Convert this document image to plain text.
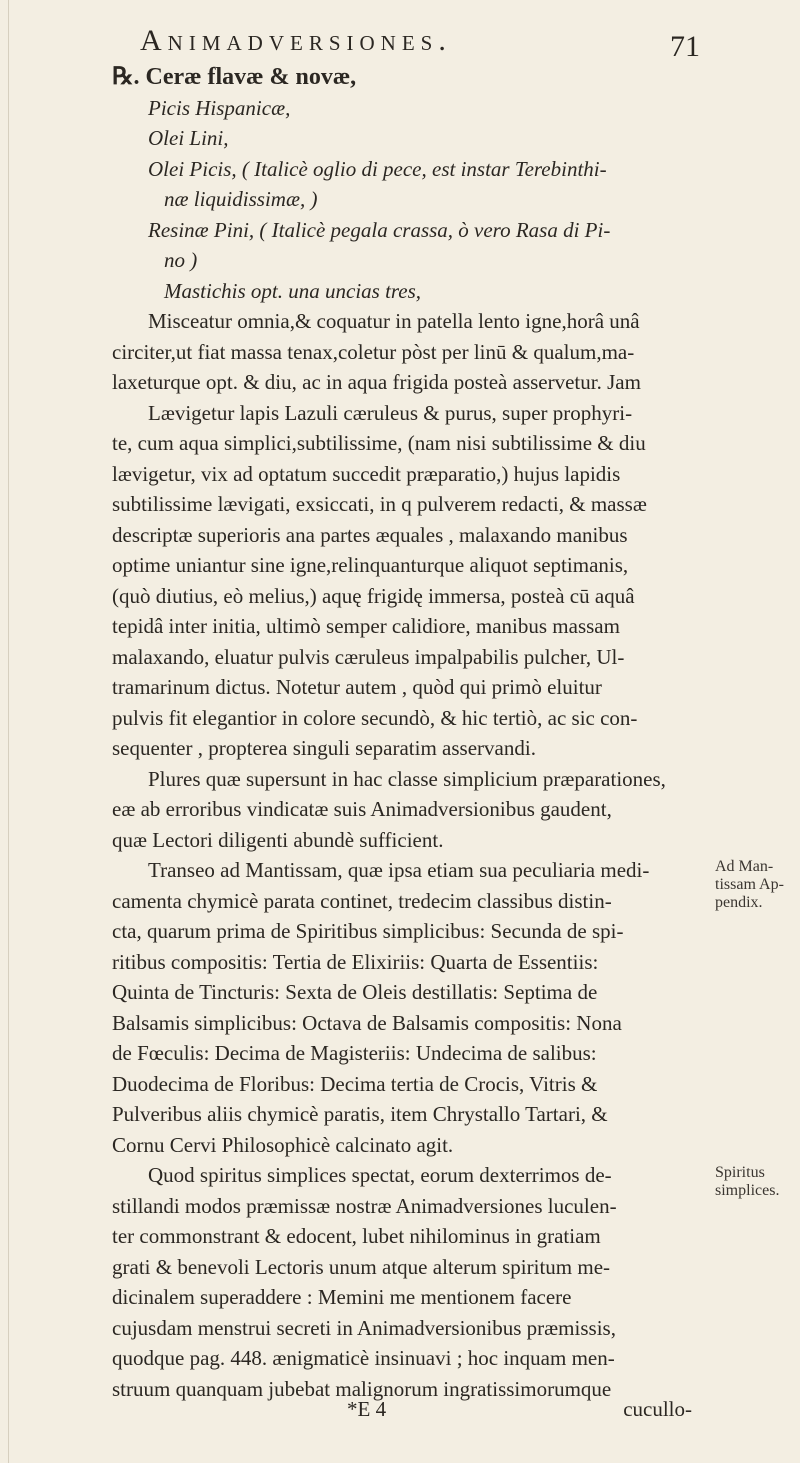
Animadversiones.	71
℞. Ceræ flavæ & novæ,
Picis Hispanicæ,
Olei Lini,
Olei Picis, ( Italicè oglio di pece, est instar Terebinthi-
næ liquidissimæ, )
Resinæ Pini, ( Italicè pegala crassa, ò vero Rasa di Pi-
no )
Mastichis opt. una uncias tres,
Misceatur omnia,& coquatur in patella lento igne,horâ unâ
circiter,ut fiat massa tenax,coletur pòst per linū & qualum,ma-
laxeturque opt. & diu, ac in aqua frigida posteà asservetur. Jam
Lævigetur lapis Lazuli cæruleus & purus, super prophyri-
te, cum aqua simplici,subtilissime, (nam nisi subtilissime & diu
lævigetur, vix ad optatum succedit præparatio,) hujus lapidis
subtilissime lævigati, exsiccati, in q pulverem redacti, & massæ
descriptæ superioris ana partes æquales , malaxando manibus
optime uniantur sine igne,relinquanturque aliquot septimanis,
(quò diutius, eò melius,) aquę frigidę immersa, posteà cū aquâ
tepidâ inter initia, ultimò semper calidiore, manibus massam
malaxando, eluatur pulvis cæruleus impalpabilis pulcher, Ul-
tramarinum dictus. Notetur autem , quòd qui primò eluitur
pulvis fit elegantior in colore secundò, & hic tertiò, ac sic con-
sequenter , propterea singuli separatim asservandi.
Plures quæ supersunt in hac classe simplicium præparationes,
eæ ab erroribus vindicatæ suis Animadversionibus gaudent,
quæ Lectori diligenti abundè sufficient.
Transeo ad Mantissam, quæ ipsa etiam sua peculiaria medi-
camenta chymicè parata continet, tredecim classibus distin-
cta, quarum prima de Spiritibus simplicibus: Secunda de spi-
ritibus compositis: Tertia de Elixiriis: Quarta de Essentiis:
Quinta de Tincturis: Sexta de Oleis destillatis: Septima de
Balsamis simplicibus: Octava de Balsamis compositis: Nona
de Fœculis: Decima de Magisteriis: Undecima de salibus:
Duodecima de Floribus: Decima tertia de Crocis, Vitris &
Pulveribus aliis chymicè paratis, item Chrystallo Tartari, &
Cornu Cervi Philosophicè calcinato agit.
Quod spiritus simplices spectat, eorum dexterrimos de-
stillandi modos præmissæ nostræ Animadversiones luculen-
ter commonstrant & edocent, lubet nihilominus in gratiam
grati & benevoli Lectoris unum atque alterum spiritum me-
dicinalem superaddere : Memini me mentionem facere
cujusdam menstrui secreti in Animadversionibus præmissis,
quodque pag. 448. ænigmaticè insinuavi ; hoc inquam men-
struum quanquam jubebat malignorum ingratissimorumque
Ad Man-
tissam Ap-
pendix.
Spiritus
simplices.
*E 4	cucullo-
